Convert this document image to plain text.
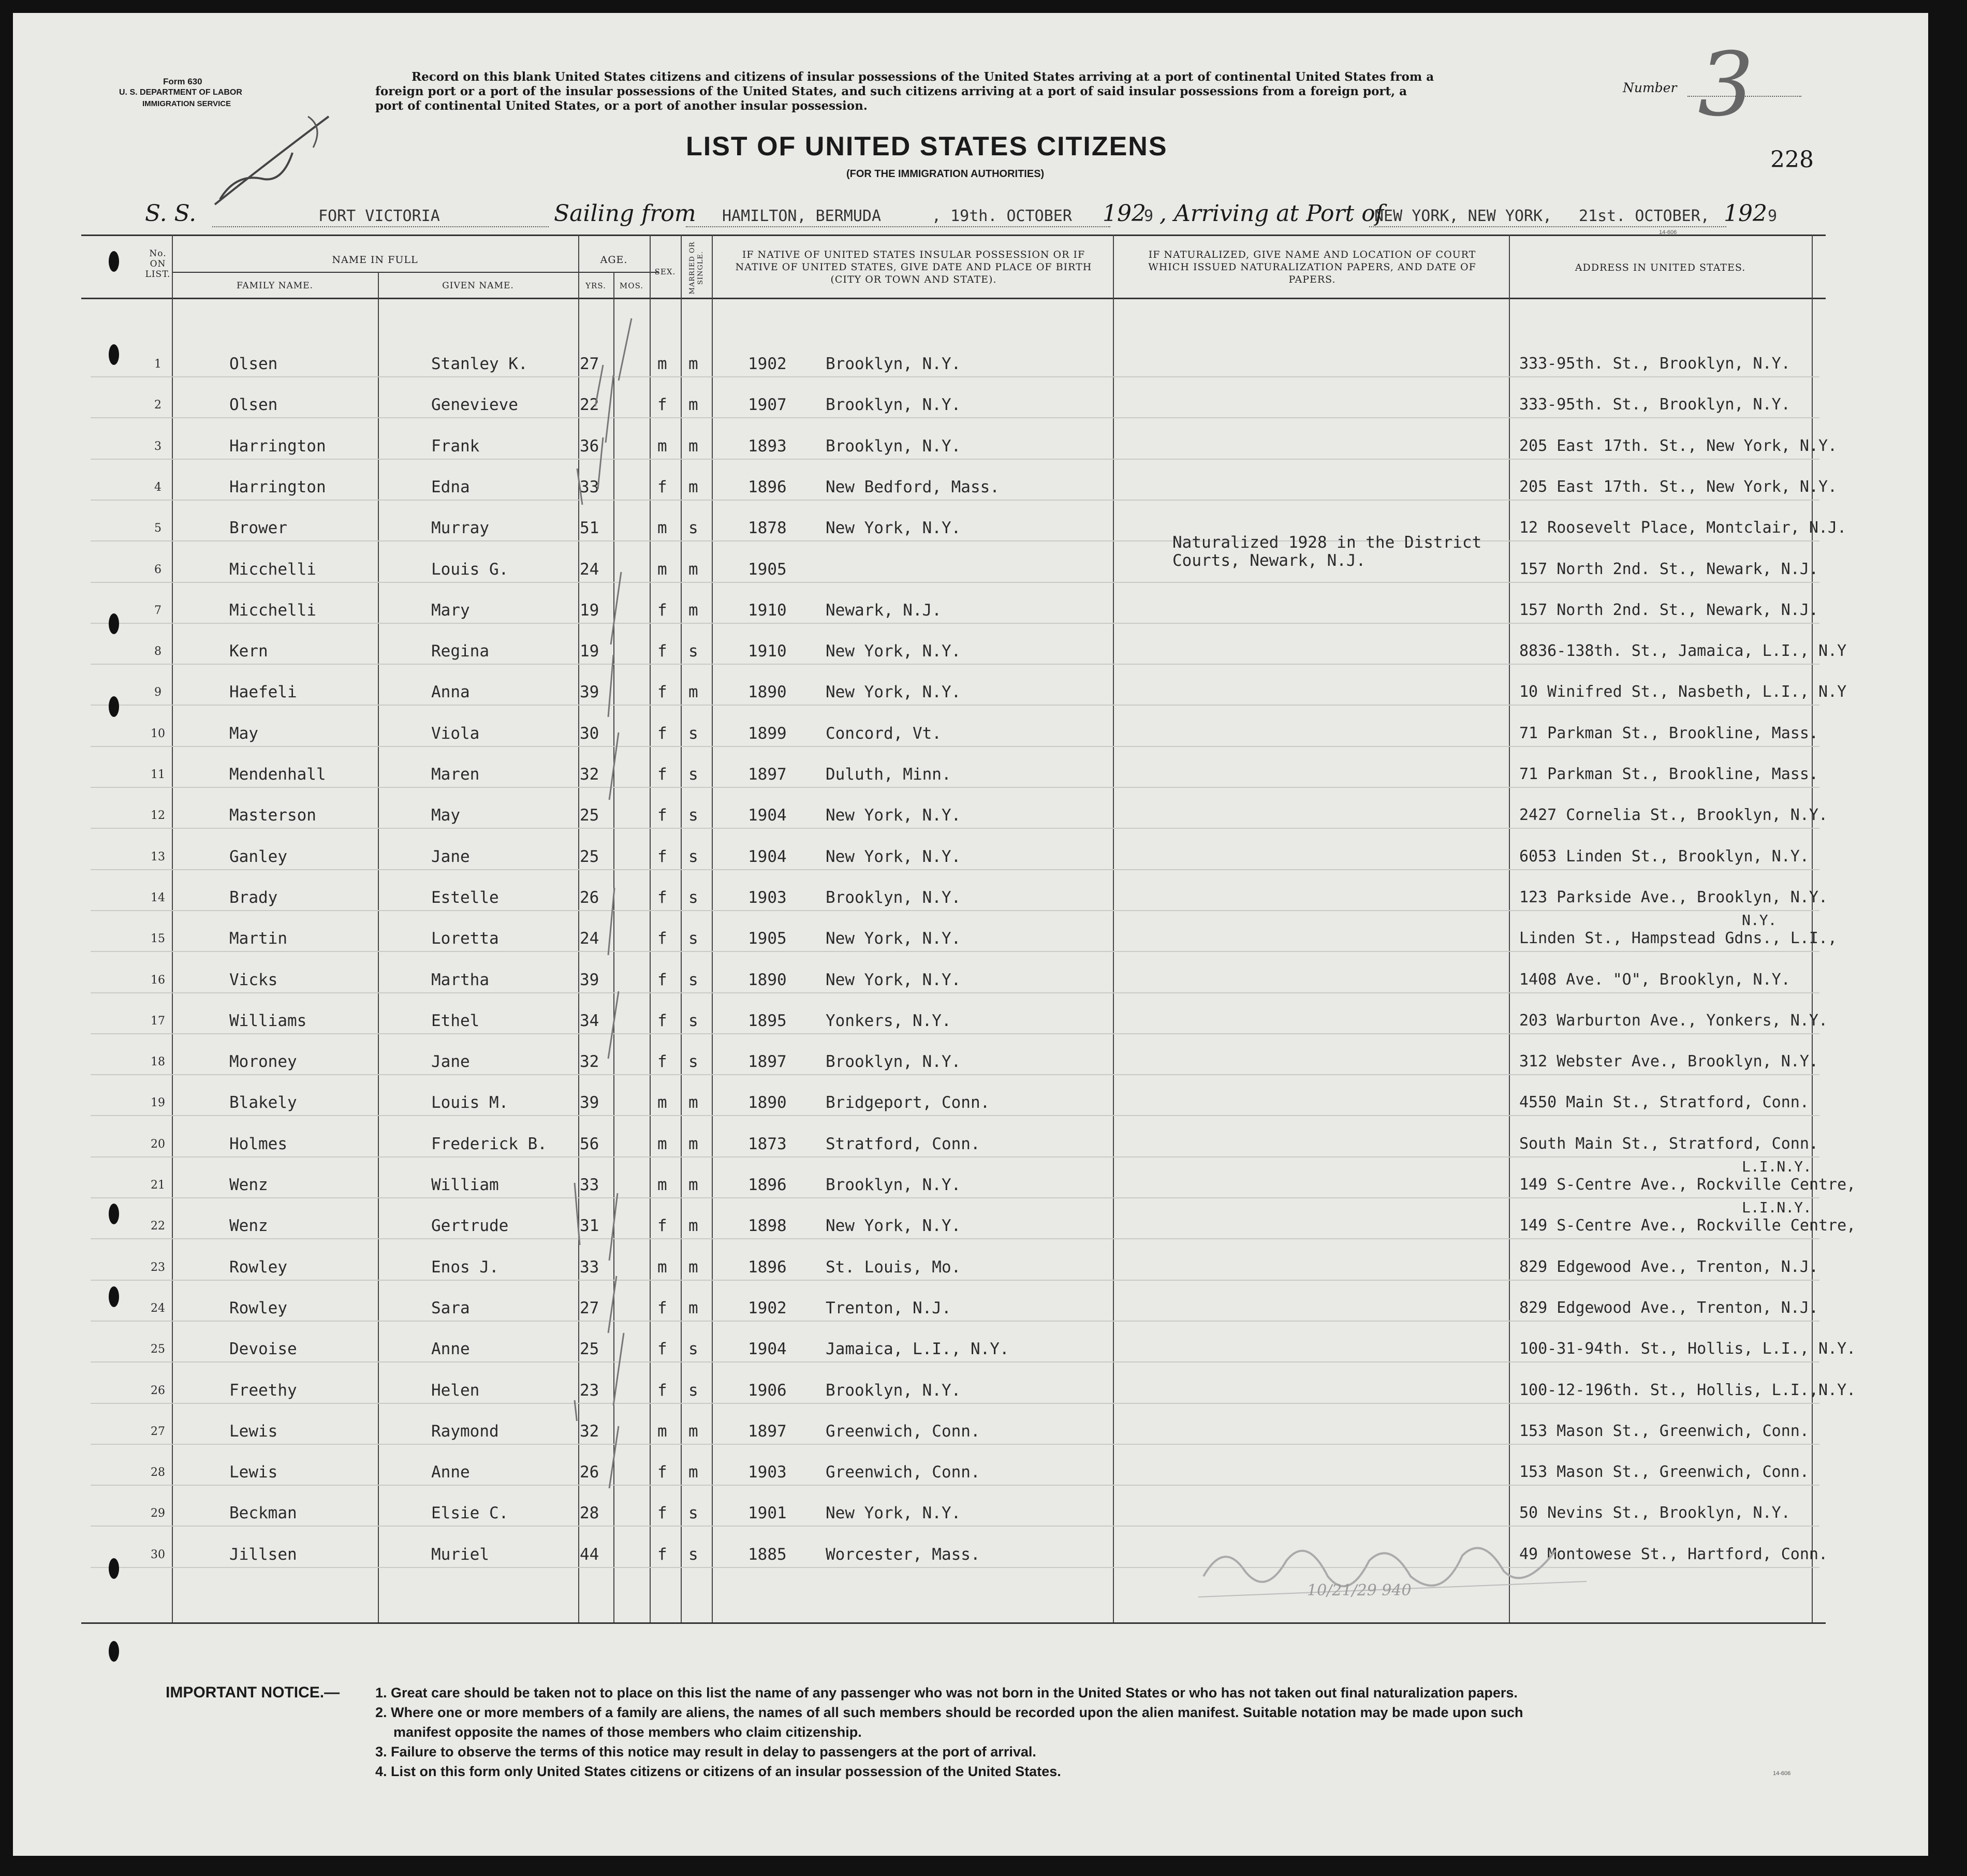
Form 630
U. S. DEPARTMENT OF LABOR
IMMIGRATION SERVICE
Record on this blank United States citizens and citizens of insular possessions of the United States arriving at a port of continental United States from a
foreign port or a port of the insular possessions of the United States, and such citizens arriving at a port of said insular possessions from a foreign port, a
port of continental United States, or a port of another insular possession.
Number 3
228
LIST OF UNITED STATES CITIZENS
(FOR THE IMMIGRATION AUTHORITIES)
S. S.	FORT VICTORIA	Sailing from HAMILTON, BERMUDA	, 19th. OCTOBER 192
9 , Arriving at Port of
NEW YORK, NEW YORK, 21st. OCTOBER, 192 9
14-606
No. ON LIST.
NAME IN FULL
FAMILY NAME.	GIVEN NAME.
AGE.
YRS.	MOS.
SEX.	MARRIED OR SINGLE.	IF NATIVE OF UNITED STATES INSULAR POSSESSION OR IF NATIVE OF UNITED STATES, GIVE DATE AND PLACE OF BIRTH (CITY OR TOWN AND STATE).
IF NATURALIZED, GIVE NAME AND LOCATION OF COURT WHICH ISSUED NATURALIZATION PAPERS, AND DATE OF PAPERS.
ADDRESS IN UNITED STATES.
1	Olsen	Stanley K.	27	m m	1902 Brooklyn, N.Y.	333-95th. St., Brooklyn, N.Y.
2	Olsen	Genevieve	22	f m	1907 Brooklyn, N.Y.	333-95th. St., Brooklyn, N.Y.
3	Harrington	Frank	36	m m	1893 Brooklyn, N.Y.	205 East 17th. St., New York, N.Y.
4	Harrington	Edna	33	f m	1896 New Bedford, Mass.	205 East 17th. St., New York, N.Y.
5	Brower	Murray	51	m s	1878 New York, N.Y.	12 Roosevelt Place, Montclair, N.J.
6	Micchelli	Louis G.	24	m m	1905	157 North 2nd. St., Newark, N.J.
7	Micchelli	Mary	19	f m	1910 Newark, N.J.	157 North 2nd. St., Newark, N.J.
8	Kern	Regina	19	f s	1910 New York, N.Y.	8836-138th. St., Jamaica, L.I., N.Y
9	Haefeli	Anna	39	f m	1890 New York, N.Y.	10 Winifred St., Nasbeth, L.I., N.Y
10	May	Viola	30	f s	1899 Concord, Vt.	71 Parkman St., Brookline, Mass.
11	Mendenhall	Maren	32	f s	1897 Duluth, Minn.	71 Parkman St., Brookline, Mass.
12	Masterson	May	25	f s	1904 New York, N.Y.	2427 Cornelia St., Brooklyn, N.Y.
13	Ganley	Jane	25	f s	1904 New York, N.Y.	6053 Linden St., Brooklyn, N.Y.
14	Brady	Estelle	26	f s	1903 Brooklyn, N.Y.	123 Parkside Ave., Brooklyn, N.Y.
15	Martin	Loretta	24	f s	1905 New York, N.Y.	Linden St., Hampstead Gdns., L.I.,
N.Y.
16	Vicks	Martha	39	f s	1890 New York, N.Y.	1408 Ave. "O", Brooklyn, N.Y.
17	Williams	Ethel	34	f s	1895 Yonkers, N.Y.	203 Warburton Ave., Yonkers, N.Y.
18	Moroney	Jane	32	f s	1897 Brooklyn, N.Y.	312 Webster Ave., Brooklyn, N.Y.
19	Blakely	Louis M.	39	m m	1890 Bridgeport, Conn.	4550 Main St., Stratford, Conn.
20	Holmes	Frederick B. 56	m m	1873 Stratford, Conn.	South Main St., Stratford, Conn.
21	Wenz	William	33	m m	1896 Brooklyn, N.Y.	149 S-Centre Ave., Rockville Centre,
L.I.N.Y.
22	Wenz	Gertrude	31	f m	1898 New York, N.Y.	149 S-Centre Ave., Rockville Centre,
L.I.N.Y.
23	Rowley	Enos J.	33	m m	1896 St. Louis, Mo.	829 Edgewood Ave., Trenton, N.J.
24	Rowley	Sara	27	f m	1902 Trenton, N.J.	829 Edgewood Ave., Trenton, N.J.
25	Devoise	Anne	25	f s	1904 Jamaica, L.I., N.Y.	100-31-94th. St., Hollis, L.I., N.Y.
26	Freethy	Helen	23	f s	1906 Brooklyn, N.Y.	100-12-196th. St., Hollis, L.I.,N.Y.
27	Lewis	Raymond	32	m m	1897 Greenwich, Conn.	153 Mason St., Greenwich, Conn.
28	Lewis	Anne	26	f m	1903 Greenwich, Conn.	153 Mason St., Greenwich, Conn.
29	Beckman	Elsie C.	28	f s	1901 New York, N.Y.	50 Nevins St., Brooklyn, N.Y.
30	Jillsen	Muriel	44	f s	1885 Worcester, Mass.	49 Montowese St., Hartford, Conn.
Naturalized 1928 in the District
Courts, Newark, N.J.
10/21/29 940
IMPORTANT NOTICE.—	1. Great care should be taken not to place on this list the name of any passenger who was not born in the United States or who has not taken out final naturalization papers.
2. Where one or more members of a family are aliens, the names of all such members should be recorded upon the alien manifest. Suitable notation may be made upon such
manifest opposite the names of those members who claim citizenship.
3. Failure to observe the terms of this notice may result in delay to passengers at the port of arrival.
4. List on this form only United States citizens or citizens of an insular possession of the United States.	14-606
